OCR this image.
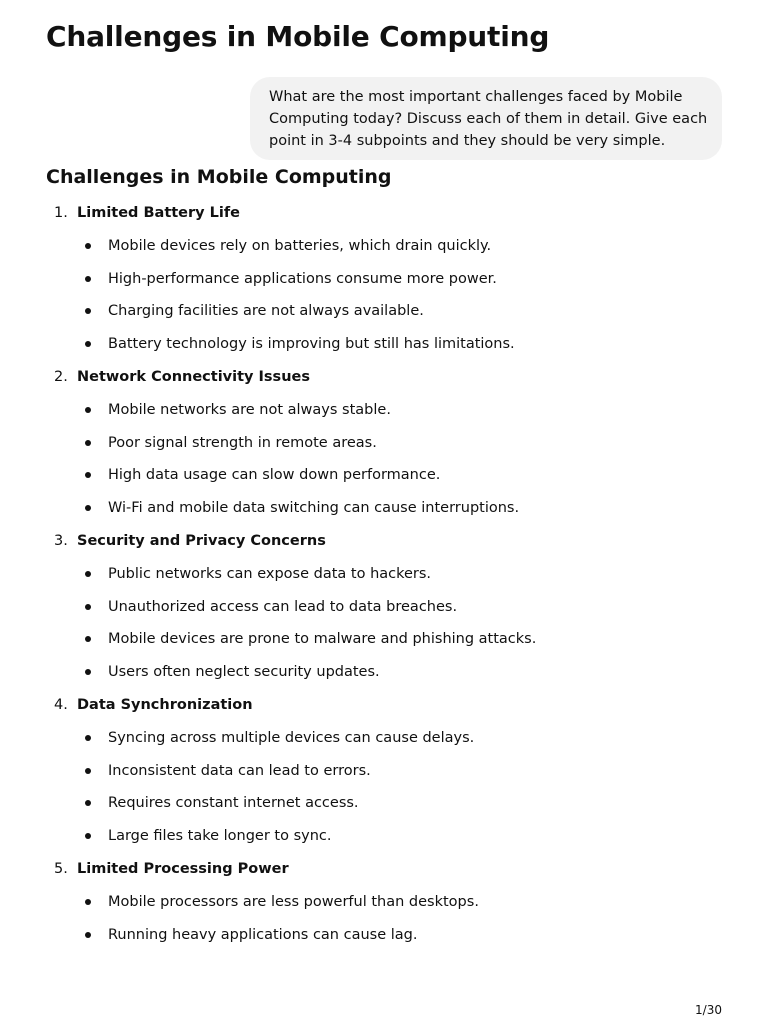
Challenges in Mobile Computing
What are the most important challenges faced by Mobile Computing today? Discuss each of them in detail. Give each point in 3-4 subpoints and they should be very simple.
Challenges in Mobile Computing
1. Limited Battery Life
Mobile devices rely on batteries, which drain quickly.
High-performance applications consume more power.
Charging facilities are not always available.
Battery technology is improving but still has limitations.
2. Network Connectivity Issues
Mobile networks are not always stable.
Poor signal strength in remote areas.
High data usage can slow down performance.
Wi-Fi and mobile data switching can cause interruptions.
3. Security and Privacy Concerns
Public networks can expose data to hackers.
Unauthorized access can lead to data breaches.
Mobile devices are prone to malware and phishing attacks.
Users often neglect security updates.
4. Data Synchronization
Syncing across multiple devices can cause delays.
Inconsistent data can lead to errors.
Requires constant internet access.
Large files take longer to sync.
5. Limited Processing Power
Mobile processors are less powerful than desktops.
Running heavy applications can cause lag.
1/30
